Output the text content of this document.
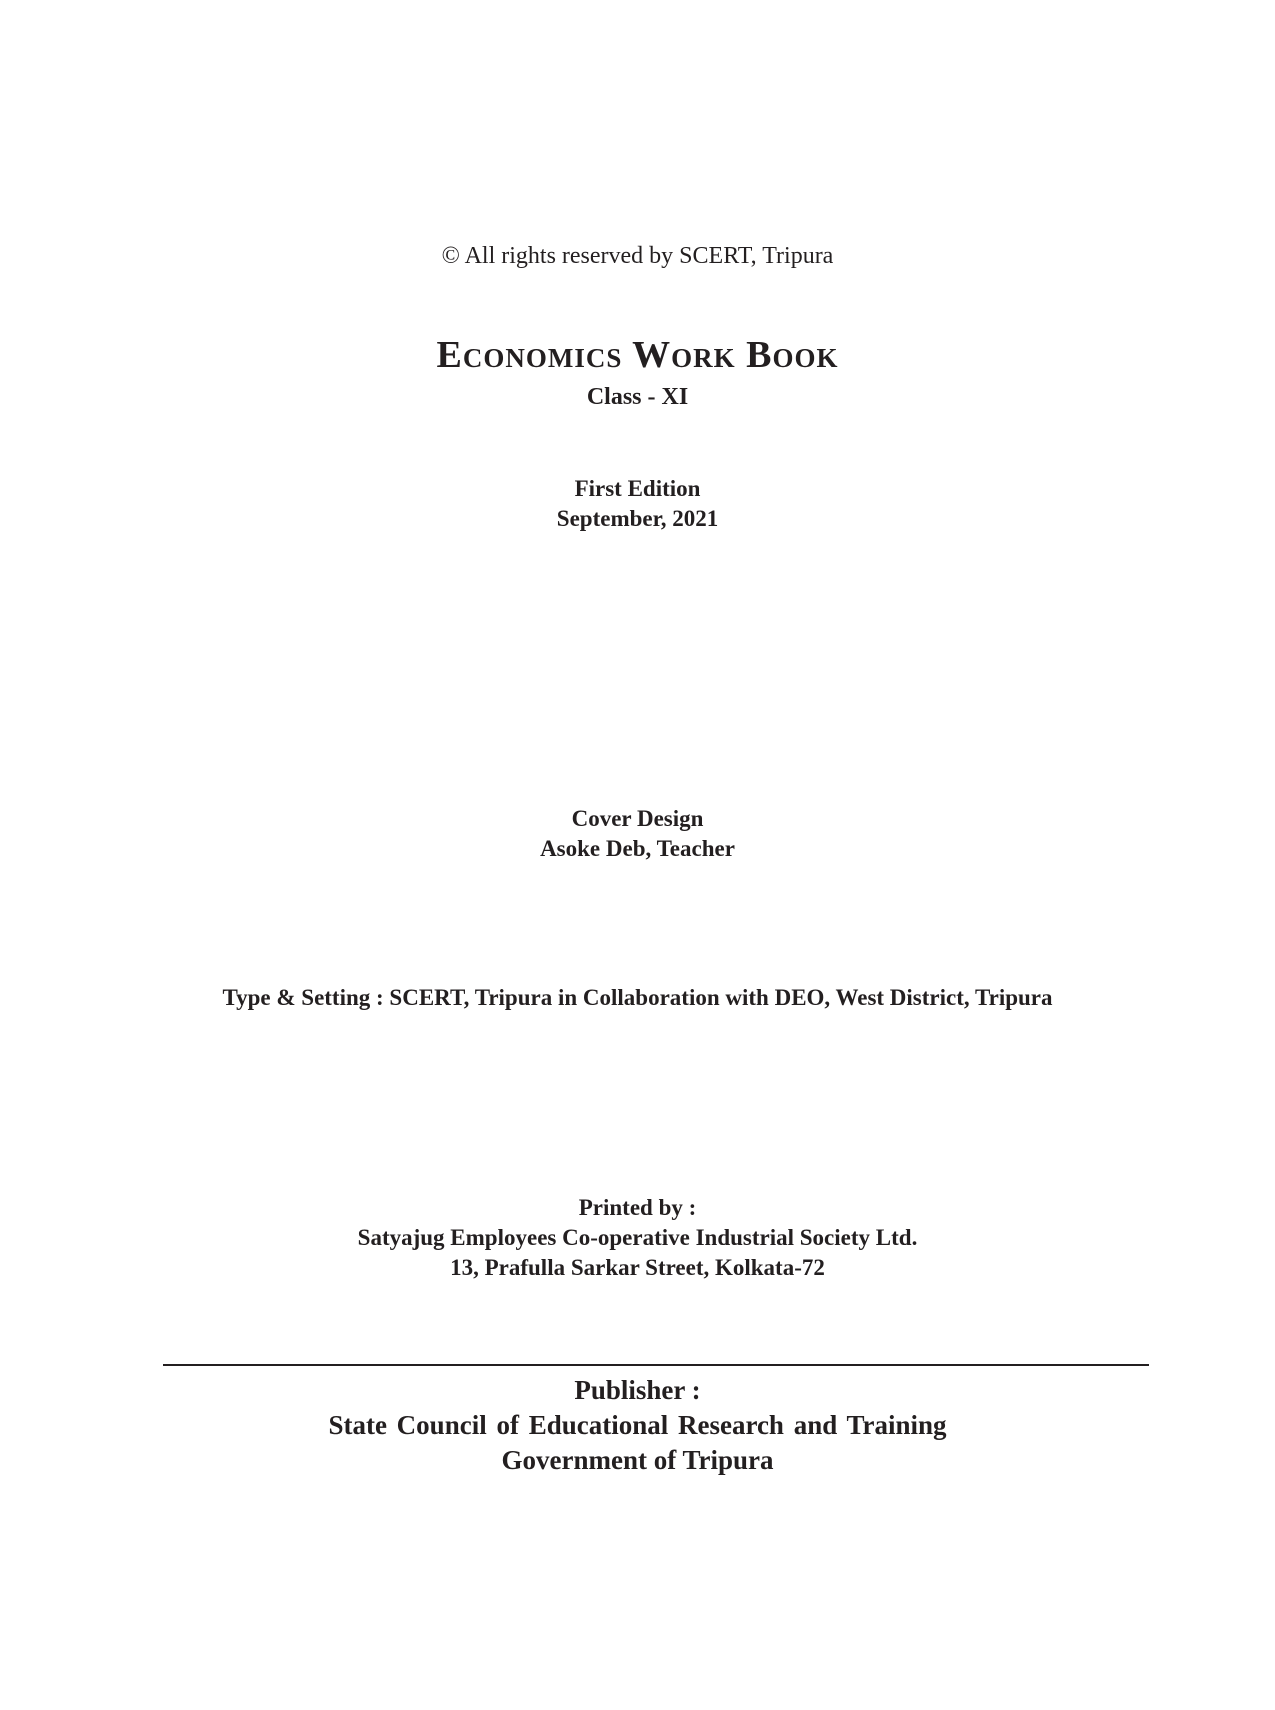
© All rights reserved by SCERT, Tripura
Economics Work Book
Class - XI
First Edition
September, 2021
Cover Design
Asoke Deb, Teacher
Type & Setting : SCERT, Tripura in Collaboration with DEO, West District, Tripura
Printed by :
Satyajug Employees Co-operative Industrial Society Ltd.
13, Prafulla Sarkar Street, Kolkata-72
Publisher :
State Council of Educational Research and Training
Government of Tripura
